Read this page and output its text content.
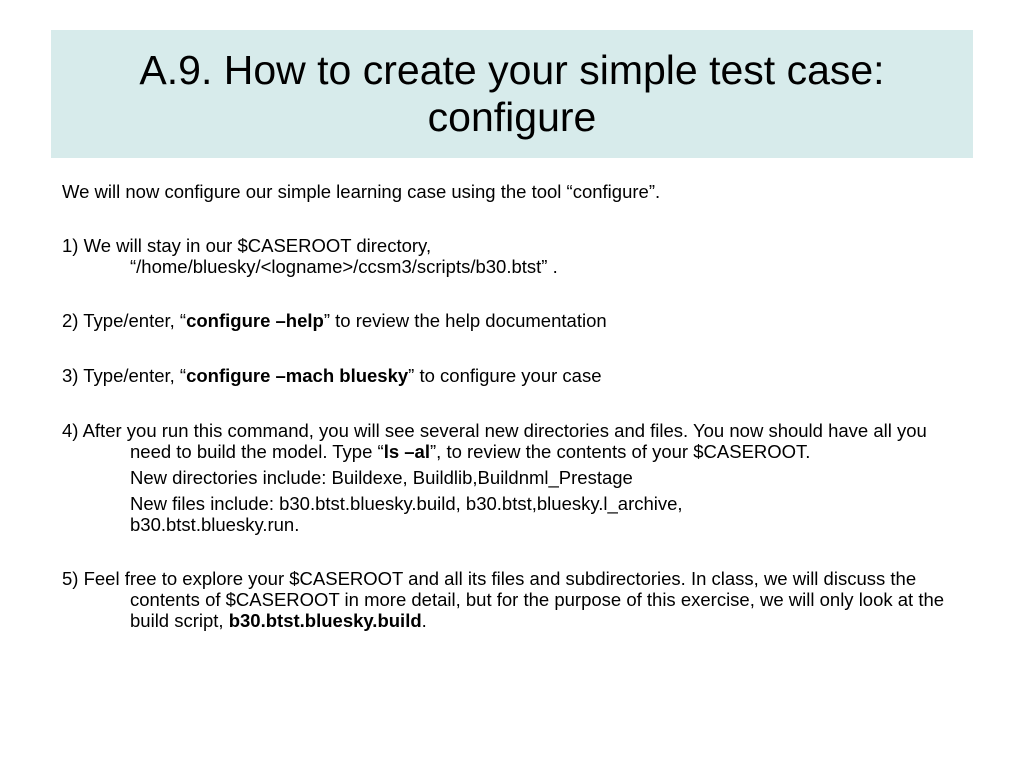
A.9. How to create your simple test case:
configure

We will now configure our simple learning case using the tool “configure”.

1) We will stay in our $CASEROOT directory,
“/home/bluesky/<logname>/ccsm3/scripts/b30.btst” .

2) Type/enter, “configure –help” to review the help documentation

3) Type/enter, “configure –mach bluesky” to configure your case

4) After you run this command, you will see several new directories and files. You now should have all you need to build the model. Type “ls –al”, to review the contents of your $CASEROOT.

New directories include: Buildexe, Buildlib,Buildnml_Prestage

New files include: b30.btst.bluesky.build, b30.btst,bluesky.l_archive,
b30.btst.bluesky.run.

5) Feel free to explore your $CASEROOT and all its files and subdirectories. In class, we will discuss the contents of $CASEROOT in more detail, but for the purpose of this exercise, we will only look at the build script, b30.btst.bluesky.build.
